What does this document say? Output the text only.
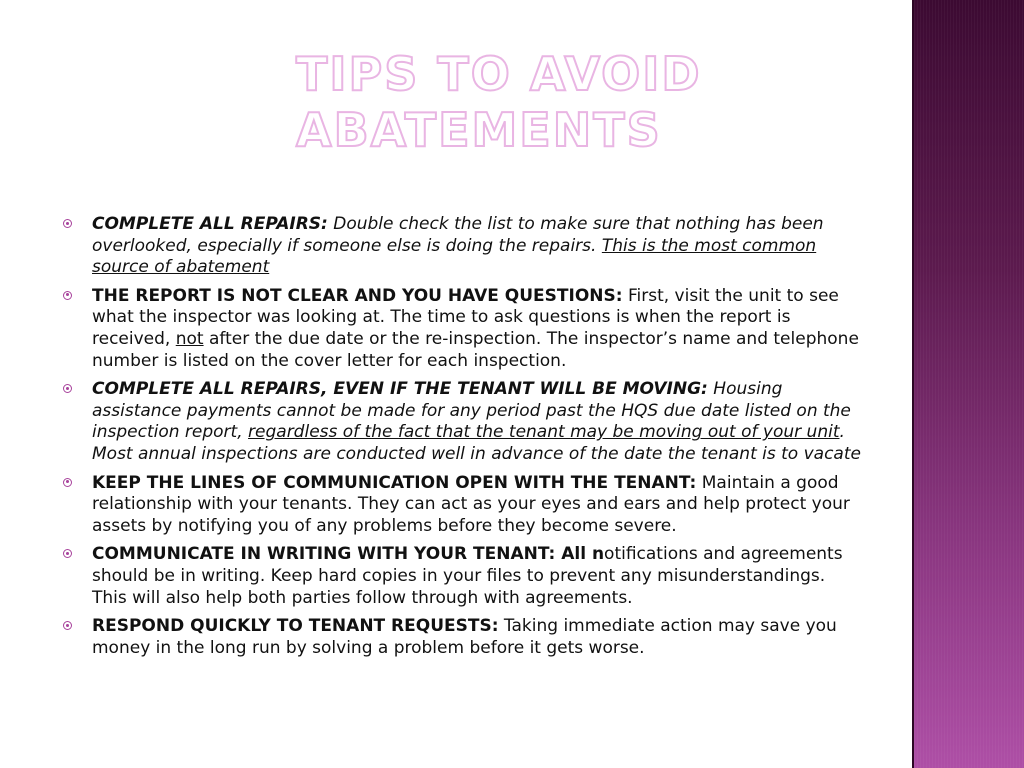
TIPS TO AVOID
ABATEMENTS
COMPLETE ALL REPAIRS: Double check the list to make sure that nothing has been overlooked, especially if someone else is doing the repairs. This is the most common source of abatement
THE REPORT IS NOT CLEAR AND YOU HAVE QUESTIONS: First, visit the unit to see what the inspector was looking at. The time to ask questions is when the report is received, not after the due date or the re-inspection. The inspector’s name and telephone number is listed on the cover letter for each inspection.
COMPLETE ALL REPAIRS, EVEN IF THE TENANT WILL BE MOVING: Housing assistance payments cannot be made for any period past the HQS due date listed on the inspection report, regardless of the fact that the tenant may be moving out of your unit. Most annual inspections are conducted well in advance of the date the tenant is to vacate
KEEP THE LINES OF COMMUNICATION OPEN WITH THE TENANT: Maintain a good relationship with your tenants. They can act as your eyes and ears and help protect your assets by notifying you of any problems before they become severe.
COMMUNICATE IN WRITING WITH YOUR TENANT: All notifications and agreements should be in writing. Keep hard copies in your files to prevent any misunderstandings. This will also help both parties follow through with agreements.
RESPOND QUICKLY TO TENANT REQUESTS: Taking immediate action may save you money in the long run by solving a problem before it gets worse.
